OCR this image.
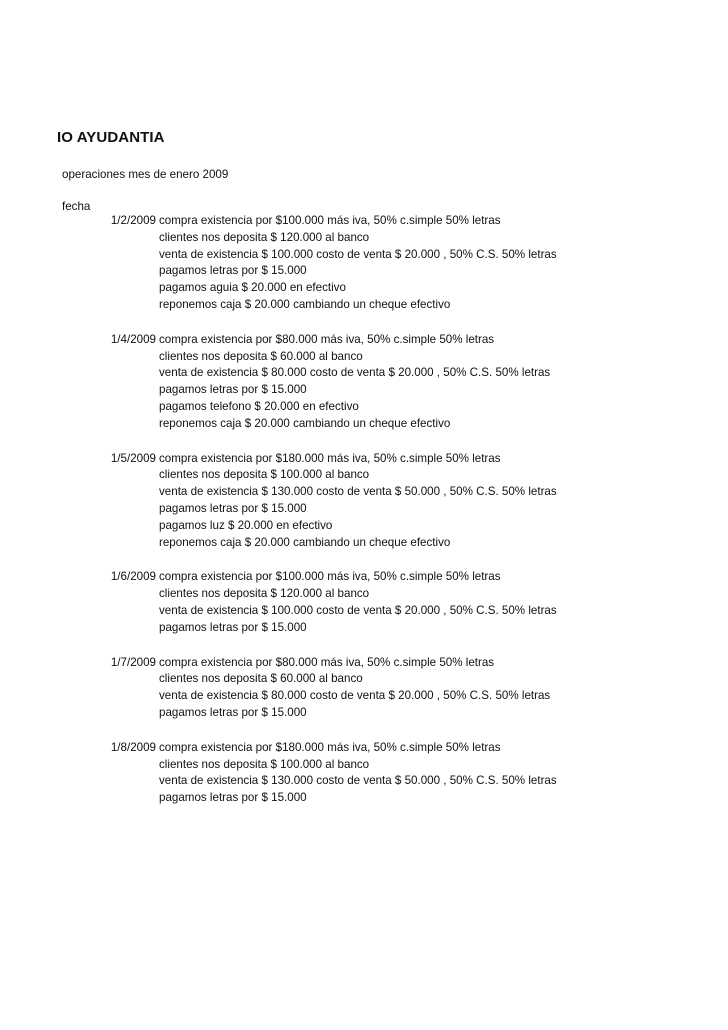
IO AYUDANTIA
operaciones mes de enero 2009
fecha
1/2/2009 compra existencia por $100.000 más iva, 50% c.simple 50% letras
clientes nos deposita $ 120.000 al banco
venta de existencia $ 100.000 costo de venta $ 20.000 , 50% C.S. 50% letras
pagamos letras por $ 15.000
pagamos aguia $ 20.000 en efectivo
reponemos caja $ 20.000 cambiando un cheque efectivo
1/4/2009 compra existencia por $80.000 más iva, 50% c.simple 50% letras
clientes nos deposita $ 60.000 al banco
venta de existencia $ 80.000 costo de venta $ 20.000 , 50% C.S. 50% letras
pagamos letras por $ 15.000
pagamos telefono $ 20.000 en efectivo
reponemos caja $ 20.000 cambiando un cheque efectivo
1/5/2009 compra existencia por $180.000 más iva, 50% c.simple 50% letras
clientes nos deposita $ 100.000 al banco
venta de existencia $ 130.000 costo de venta $ 50.000 , 50% C.S. 50% letras
pagamos letras por $ 15.000
pagamos luz $ 20.000 en efectivo
reponemos caja $ 20.000 cambiando un cheque efectivo
1/6/2009 compra existencia por $100.000 más iva, 50% c.simple 50% letras
clientes nos deposita $ 120.000 al banco
venta de existencia $ 100.000 costo de venta $ 20.000 , 50% C.S. 50% letras
pagamos letras por $ 15.000
1/7/2009 compra existencia por $80.000 más iva, 50% c.simple 50% letras
clientes nos deposita $ 60.000 al banco
venta de existencia $ 80.000 costo de venta $ 20.000 , 50% C.S. 50% letras
pagamos letras por $ 15.000
1/8/2009 compra existencia por $180.000 más iva, 50% c.simple 50% letras
clientes nos deposita $ 100.000 al banco
venta de existencia $ 130.000 costo de venta $ 50.000 , 50% C.S. 50% letras
pagamos letras por $ 15.000
